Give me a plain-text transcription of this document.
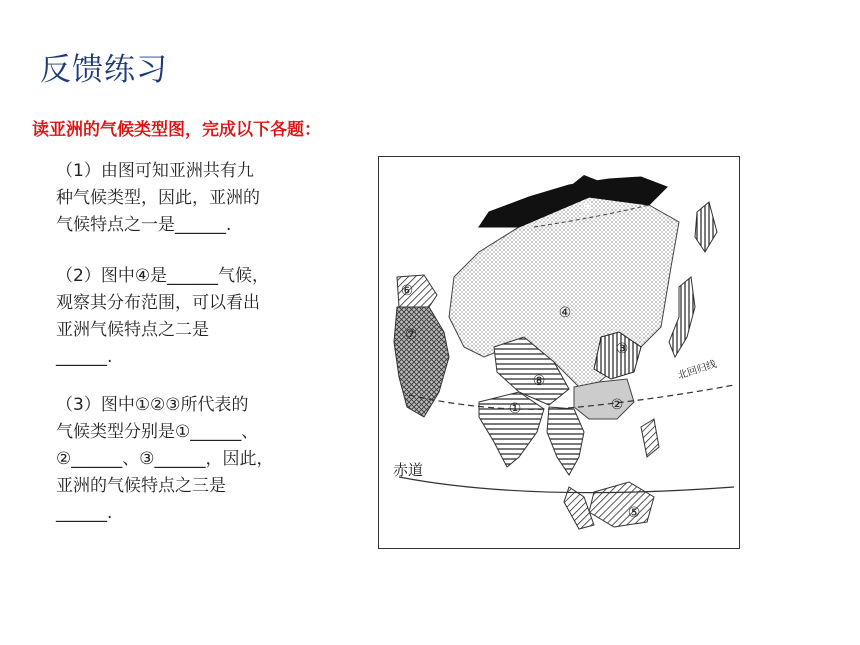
反馈练习
读亚洲的气候类型图，完成以下各题：
（1）由图可知亚洲共有九
种气候类型，因此，亚洲的
气候特点之一是______.
（2）图中④是______气候，
观察其分布范围，可以看出
亚洲气候特点之二是
______.
（3）图中①②③所代表的
气候类型分别是①______、
②______、③______，因此，
亚洲的气候特点之三是
______.
①	②
③
④
⑤
⑥
⑦
⑧
⑨
赤道
北回归线
